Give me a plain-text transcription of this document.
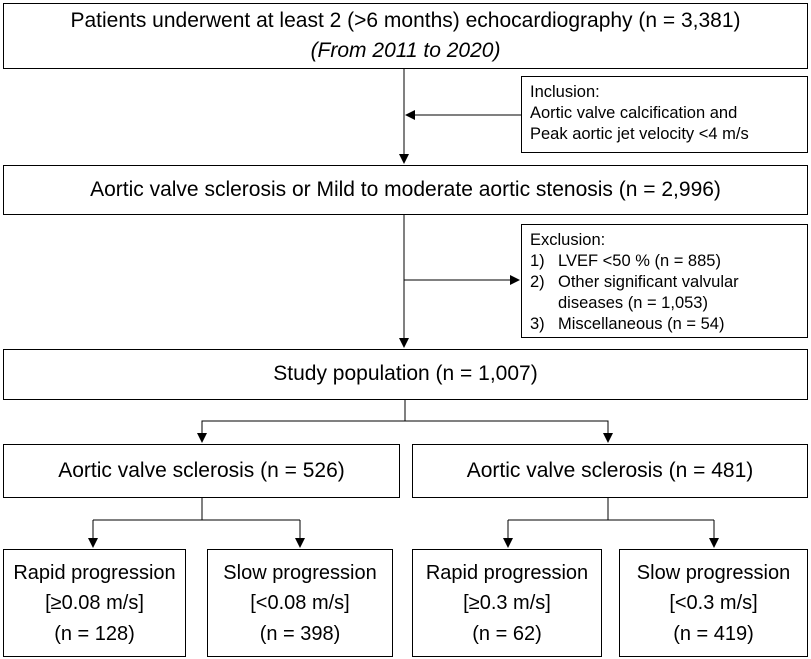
Patients underwent at least 2 (>6 months) echocardiography (n = 3,381)
(From 2011 to 2020)
Inclusion:
Aortic valve calcification and
Peak aortic jet velocity <4 m/s
Aortic valve sclerosis or Mild to moderate aortic stenosis (n = 2,996)
Exclusion:
1) LVEF <50 % (n = 885)
2) Other significant valvular diseases (n = 1,053)
3) Miscellaneous (n = 54)
Study population (n = 1,007)
Aortic valve sclerosis (n = 526)	Aortic valve sclerosis (n = 481)
Rapid progression
[≥0.08 m/s]
(n = 128)
Slow progression
[<0.08 m/s]
(n = 398)
Rapid progression
[≥0.3 m/s]
(n = 62)
Slow progression
[<0.3 m/s]
(n = 419)
